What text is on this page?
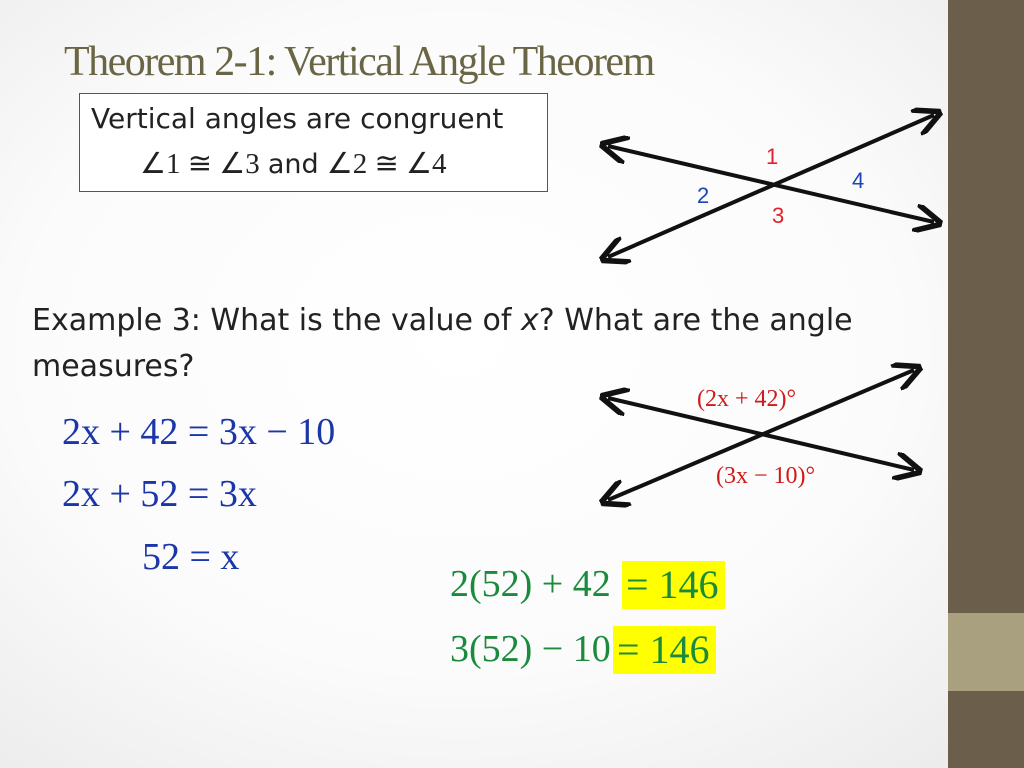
Theorem 2-1: Vertical Angle Theorem
Vertical angles are congruent
∠1 ≅ ∠3 and ∠2 ≅ ∠4	1
2
3
4
(2x + 42)°
(3x − 10)°
Example 3: What is the value of x? What are the angle measures?
2x + 42 = 3x − 10
2x + 52 = 3x
52 = x
2(52) + 42 = 146
3(52) − 10 = 146
